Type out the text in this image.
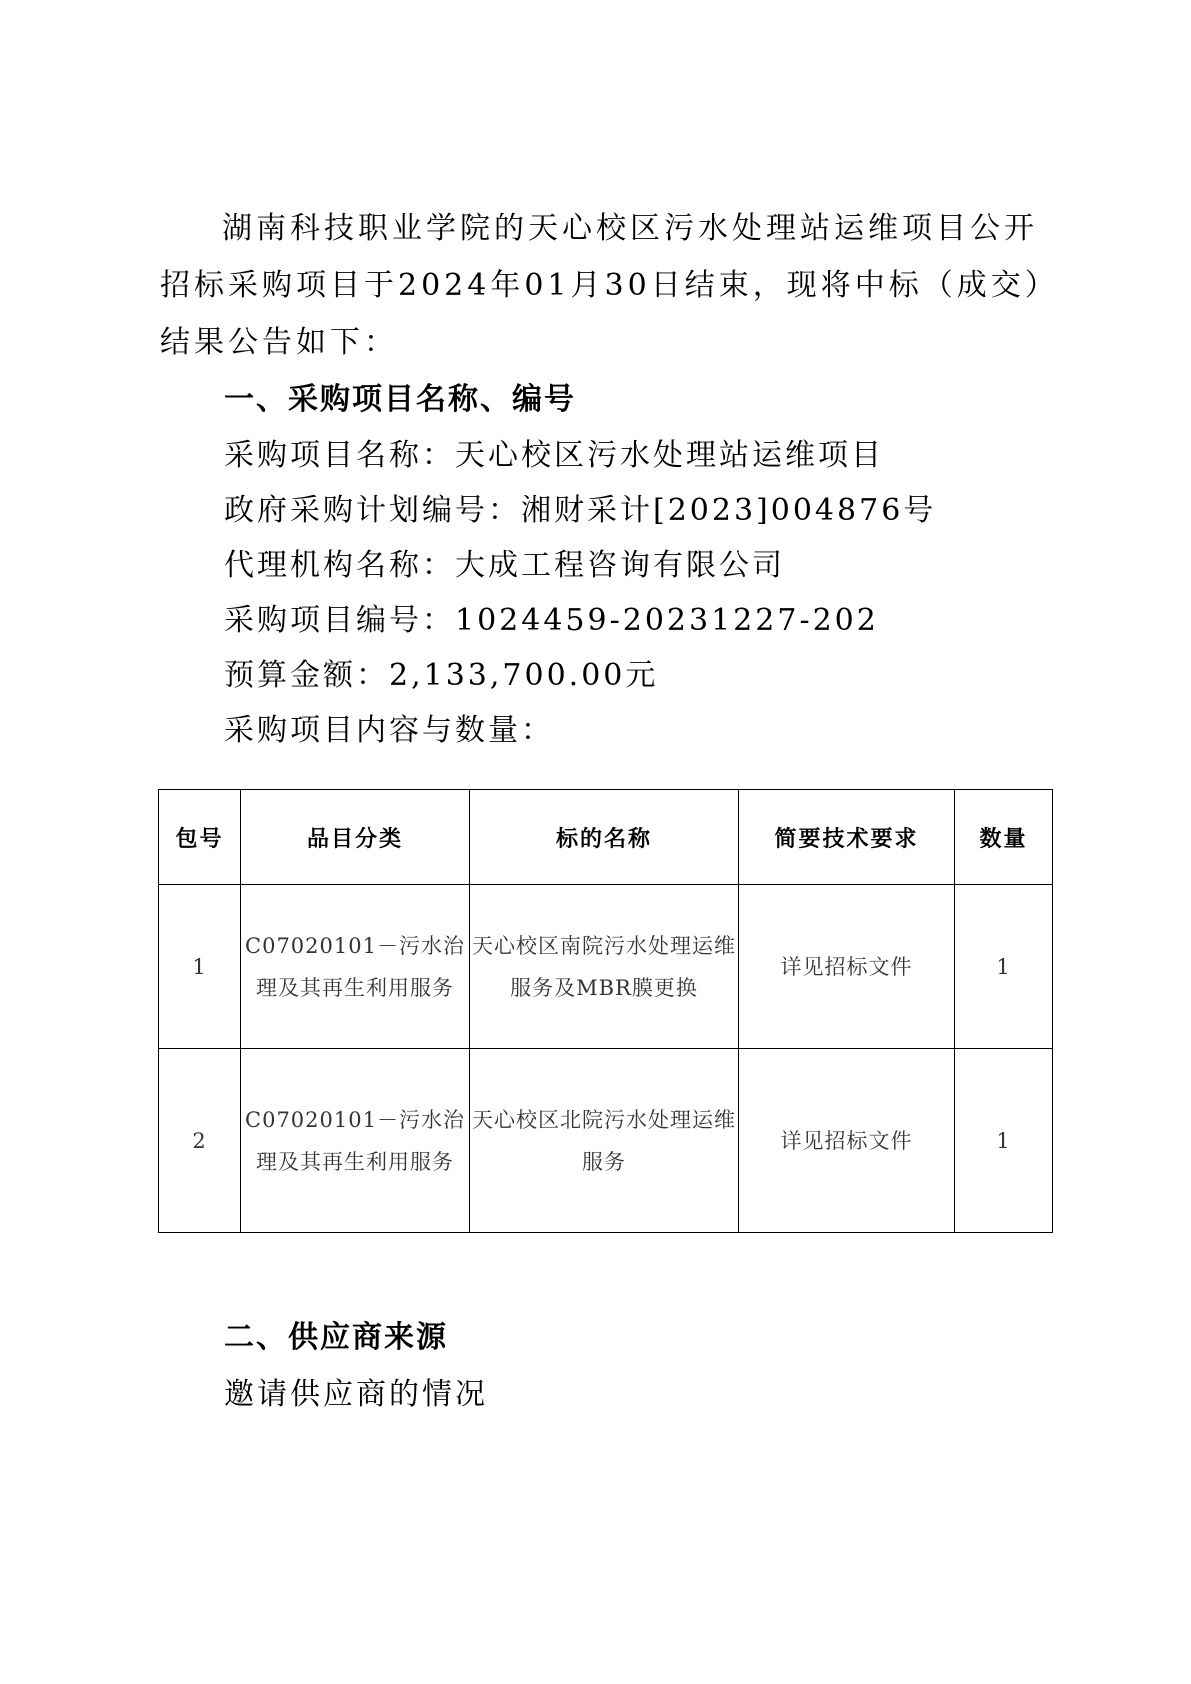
湖南科技职业学院的天心校区污水处理站运维项目公开招标采购项目于2024年01月30日结束，现将中标（成交）结果公告如下：

一、采购项目名称、编号
采购项目名称：天心校区污水处理站运维项目
政府采购计划编号：湘财采计[2023]004876号
代理机构名称：大成工程咨询有限公司
采购项目编号：1024459-20231227-202
预算金额：2,133,700.00元
采购项目内容与数量：
包号	品目分类	标的名称	简要技术要求	数量
1	C07020101－污水治理及其再生利用服务	天心校区南院污水处理运维服务及MBR膜更换	详见招标文件	1
2	C07020101－污水治理及其再生利用服务	天心校区北院污水处理运维服务	详见招标文件	1
二、供应商来源
邀请供应商的情况
